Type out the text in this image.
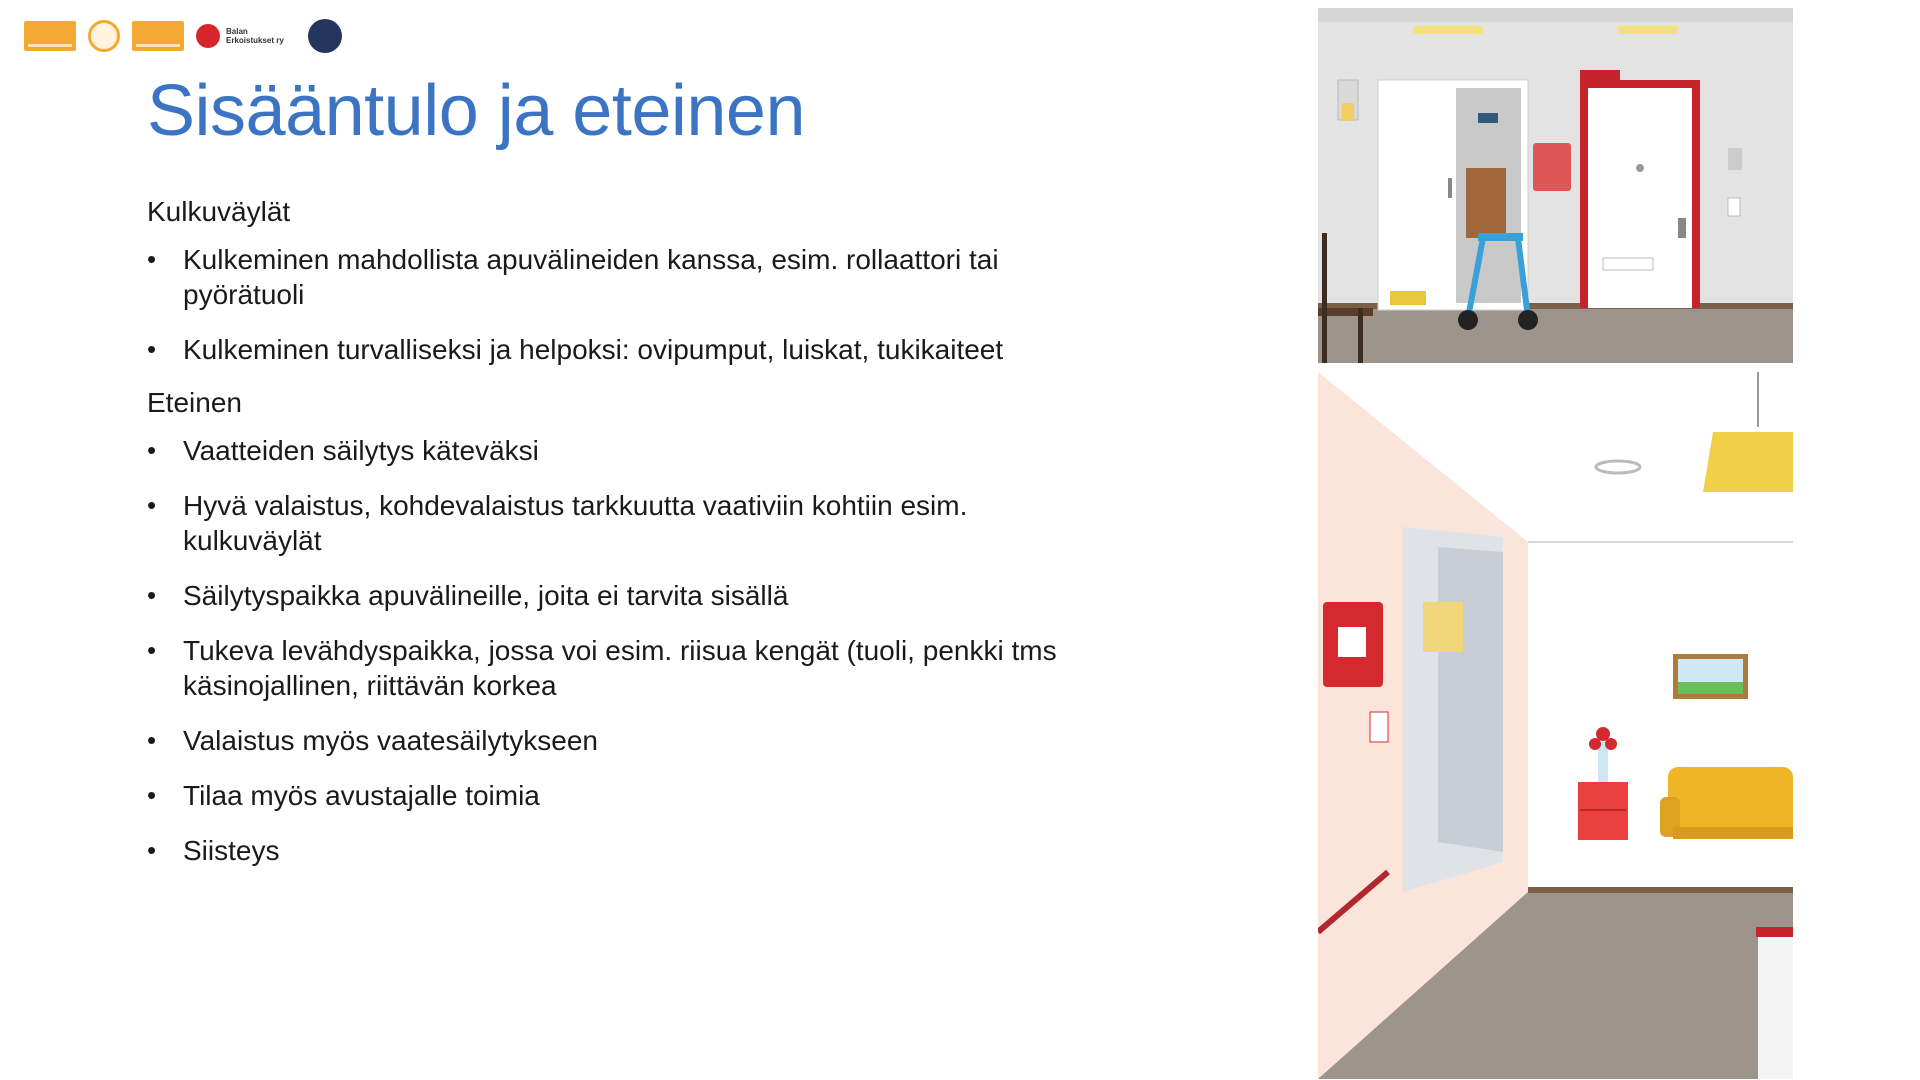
Balan
Erkoistukset ry
Sisääntulo ja eteinen

Kulkuväylät

• Kulkeminen mahdollista apuvälineiden kanssa, esim. rollaattori tai pyörätuoli
• Kulkeminen turvalliseksi ja helpoksi: ovipumput, luiskat, tukikaiteet

Eteinen

• Vaatteiden säilytys käteväksi
• Hyvä valaistus, kohdevalaistus tarkkuutta vaativiin kohtiin esim. kulkuväylät
• Säilytyspaikka apuvälineille, joita ei tarvita sisällä
• Tukeva levähdyspaikka, jossa voi esim. riisua kengät (tuoli, penkki tms käsinojallinen, riittävän korkea
• Valaistus myös vaatesäilytykseen
• Tilaa myös avustajalle toimia
• Siisteys
